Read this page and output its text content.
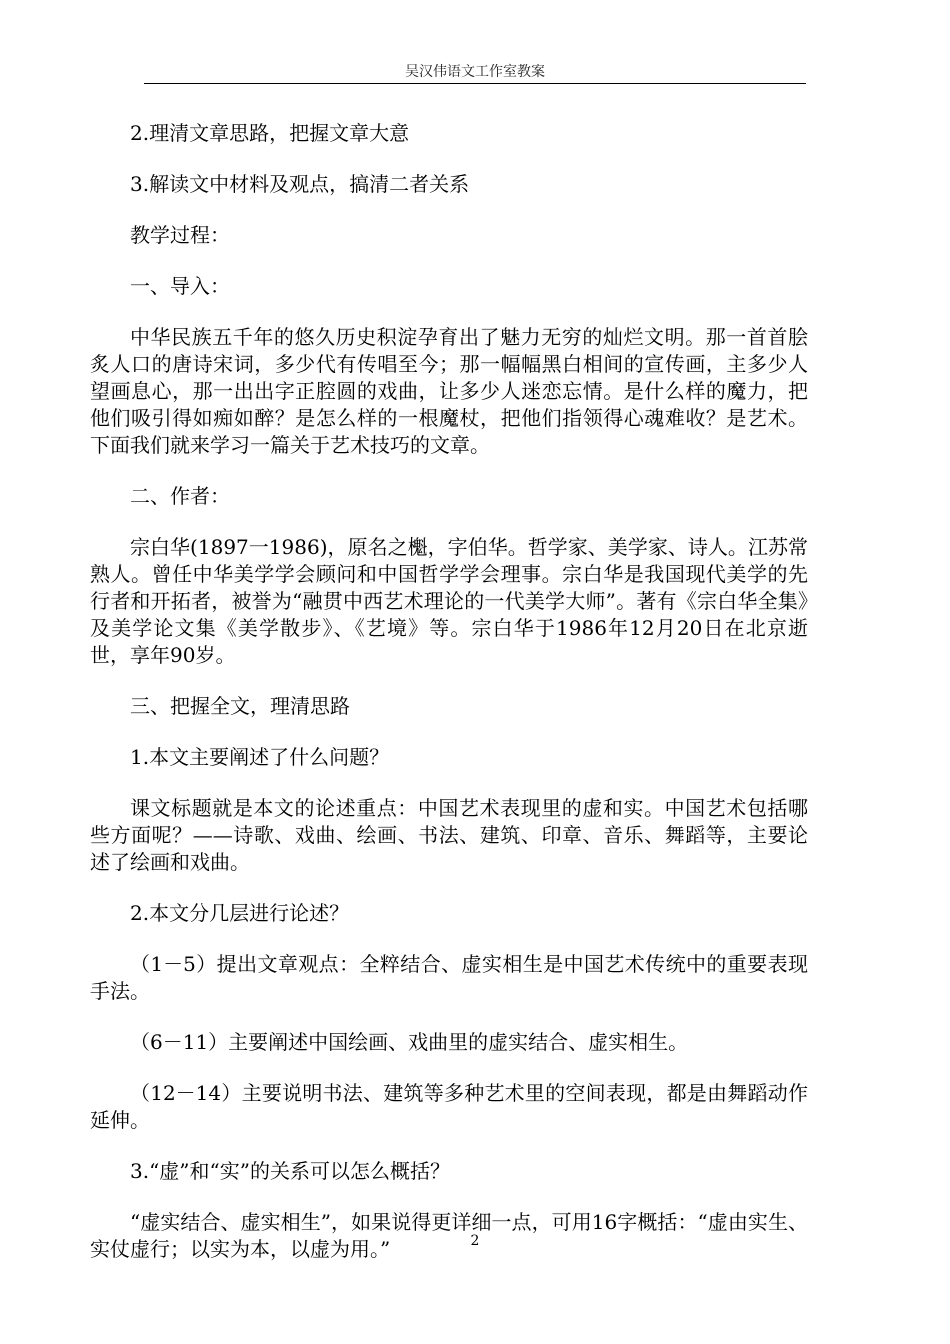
吴汉伟语文工作室教案

2.理清文章思路，把握文章大意

3.解读文中材料及观点，搞清二者关系

教学过程：

一、导入：

中华民族五千年的悠久历史积淀孕育出了魅力无穷的灿烂文明。那一首首脍炙人口的唐诗宋词，多少代有传唱至今；那一幅幅黑白相间的宣传画，主多少人望画息心，那一出出字正腔圆的戏曲，让多少人迷恋忘情。是什么样的魔力，把他们吸引得如痴如醉？是怎么样的一根魔杖，把他们指领得心魂难收？是艺术。下面我们就来学习一篇关于艺术技巧的文章。

二、作者：

宗白华(1897一1986)，原名之櫆，字伯华。哲学家、美学家、诗人。江苏常熟人。曾任中华美学学会顾问和中国哲学学会理事。宗白华是我国现代美学的先行者和开拓者，被誉为“融贯中西艺术理论的一代美学大师”。著有《宗白华全集》及美学论文集《美学散步》、《艺境》等。宗白华于1986年12月20日在北京逝世，享年90岁。

三、把握全文，理清思路

1.本文主要阐述了什么问题？

课文标题就是本文的论述重点：中国艺术表现里的虚和实。中国艺术包括哪些方面呢？——诗歌、戏曲、绘画、书法、建筑、印章、音乐、舞蹈等，主要论述了绘画和戏曲。

2.本文分几层进行论述？

（1－5）提出文章观点：全粹结合、虚实相生是中国艺术传统中的重要表现手法。

（6－11）主要阐述中国绘画、戏曲里的虚实结合、虚实相生。

（12－14）主要说明书法、建筑等多种艺术里的空间表现，都是由舞蹈动作延伸。

3.“虚”和“实”的关系可以怎么概括？

“虚实结合、虚实相生”，如果说得更详细一点，可用16字概括：“虚由实生、实仗虚行；以实为本，以虚为用。”	2
